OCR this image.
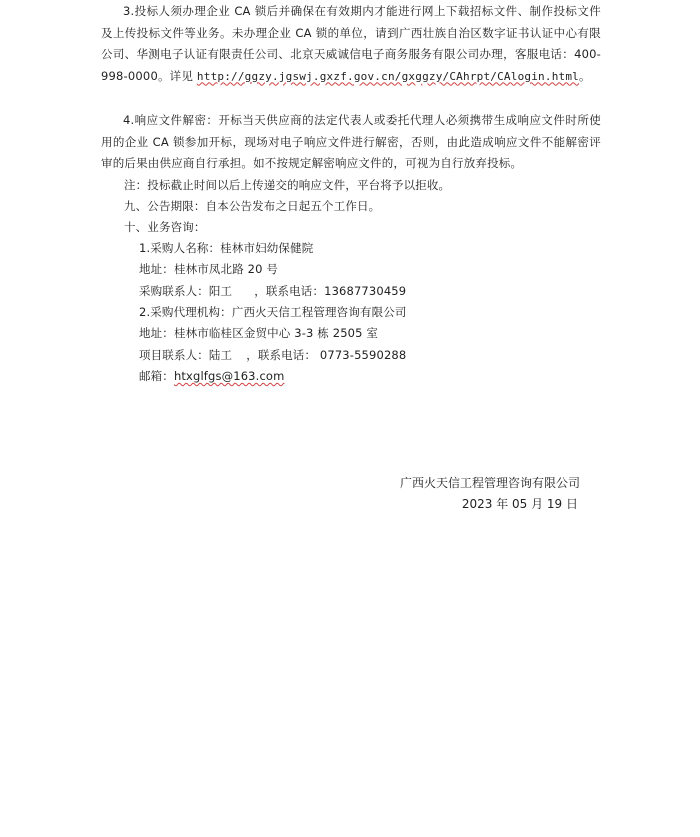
3.投标人须办理企业 CA 锁后并确保在有效期内才能进行网上下载招标文件、制作投标文件及上传投标文件等业务。未办理企业 CA 锁的单位，请到广西壮族自治区数字证书认证中心有限公司、华测电子认证有限责任公司、北京天威诚信电子商务服务有限公司办理，客服电话：400-998-0000。详见 http://ggzy.jgswj.gxzf.gov.cn/gxggzy/CAhrpt/CAlogin.html。

4.响应文件解密：开标当天供应商的法定代表人或委托代理人必须携带生成响应文件时所使用的企业 CA 锁参加开标，现场对电子响应文件进行解密，否则，由此造成响应文件不能解密评审的后果由供应商自行承担。如不按规定解密响应文件的，可视为自行放弃投标。

注：投标截止时间以后上传递交的响应文件，平台将予以拒收。

九、公告期限：自本公告发布之日起五个工作日。

十、业务咨询：

1.采购人名称：桂林市妇幼保健院

地址：桂林市凤北路 20 号

采购联系人：阳工 ，联系电话：13687730459

2.采购代理机构：广西火天信工程管理咨询有限公司

地址：桂林市临桂区金贸中心 3-3 栋 2505 室

项目联系人：陆工 ，联系电话： 0773-5590288

邮箱：htxglfgs@163.com

广西火天信工程管理咨询有限公司
2023 年 05 月 19 日
